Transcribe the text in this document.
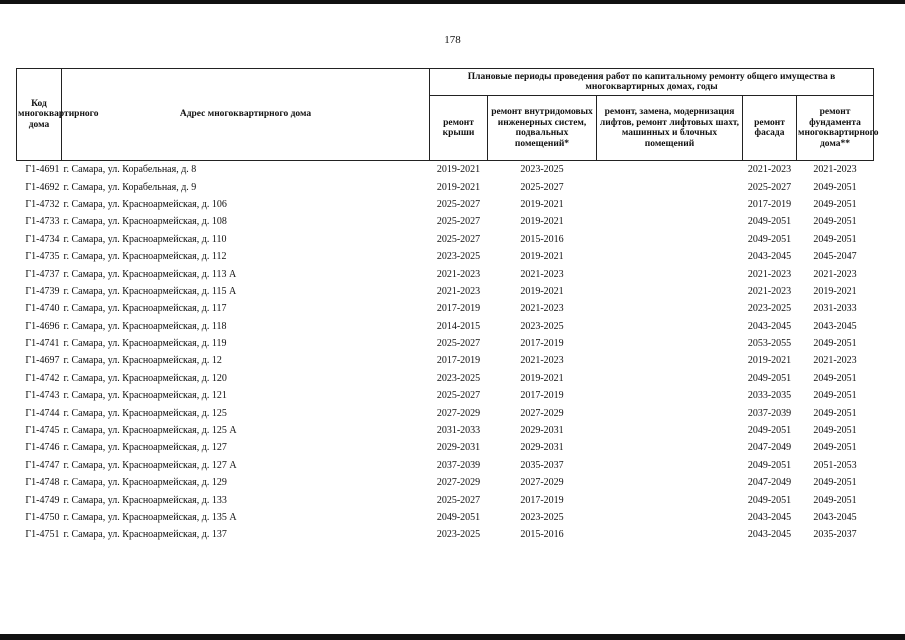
178
Код многоквартирного дома	Адрес многоквартирного дома	Плановые периоды проведения работ по капитальному ремонту общего имущества в многоквартирных домах, годы				
		ремонт крыши	ремонт внутридомовых инженерных систем, подвальных помещений*	ремонт, замена, модернизация лифтов, ремонт лифтовых шахт, машинных и блочных помещений	ремонт фасада	ремонт фундамента многоквартирного дома**
Г1-4691	г. Самара, ул. Корабельная, д. 8	2019-2021	2023-2025		2021-2023	2021-2023
Г1-4692	г. Самара, ул. Корабельная, д. 9	2019-2021	2025-2027		2025-2027	2049-2051
Г1-4732	г. Самара, ул. Красноармейская, д. 106	2025-2027	2019-2021		2017-2019	2049-2051
Г1-4733	г. Самара, ул. Красноармейская, д. 108	2025-2027	2019-2021		2049-2051	2049-2051
Г1-4734	г. Самара, ул. Красноармейская, д. 110	2025-2027	2015-2016		2049-2051	2049-2051
Г1-4735	г. Самара, ул. Красноармейская, д. 112	2023-2025	2019-2021		2043-2045	2045-2047
Г1-4737	г. Самара, ул. Красноармейская, д. 113 А	2021-2023	2021-2023		2021-2023	2021-2023
Г1-4739	г. Самара, ул. Красноармейская, д. 115 А	2021-2023	2019-2021		2021-2023	2019-2021
Г1-4740	г. Самара, ул. Красноармейская, д. 117	2017-2019	2021-2023		2023-2025	2031-2033
Г1-4696	г. Самара, ул. Красноармейская, д. 118	2014-2015	2023-2025		2043-2045	2043-2045
Г1-4741	г. Самара, ул. Красноармейская, д. 119	2025-2027	2017-2019		2053-2055	2049-2051
Г1-4697	г. Самара, ул. Красноармейская, д. 12	2017-2019	2021-2023		2019-2021	2021-2023
Г1-4742	г. Самара, ул. Красноармейская, д. 120	2023-2025	2019-2021		2049-2051	2049-2051
Г1-4743	г. Самара, ул. Красноармейская, д. 121	2025-2027	2017-2019		2033-2035	2049-2051
Г1-4744	г. Самара, ул. Красноармейская, д. 125	2027-2029	2027-2029		2037-2039	2049-2051
Г1-4745	г. Самара, ул. Красноармейская, д. 125 А	2031-2033	2029-2031		2049-2051	2049-2051
Г1-4746	г. Самара, ул. Красноармейская, д. 127	2029-2031	2029-2031		2047-2049	2049-2051
Г1-4747	г. Самара, ул. Красноармейская, д. 127 А	2037-2039	2035-2037		2049-2051	2051-2053
Г1-4748	г. Самара, ул. Красноармейская, д. 129	2027-2029	2027-2029		2047-2049	2049-2051
Г1-4749	г. Самара, ул. Красноармейская, д. 133	2025-2027	2017-2019		2049-2051	2049-2051
Г1-4750	г. Самара, ул. Красноармейская, д. 135 А	2049-2051	2023-2025		2043-2045	2043-2045
Г1-4751	г. Самара, ул. Красноармейская, д. 137	2023-2025	2015-2016		2043-2045	2035-2037
